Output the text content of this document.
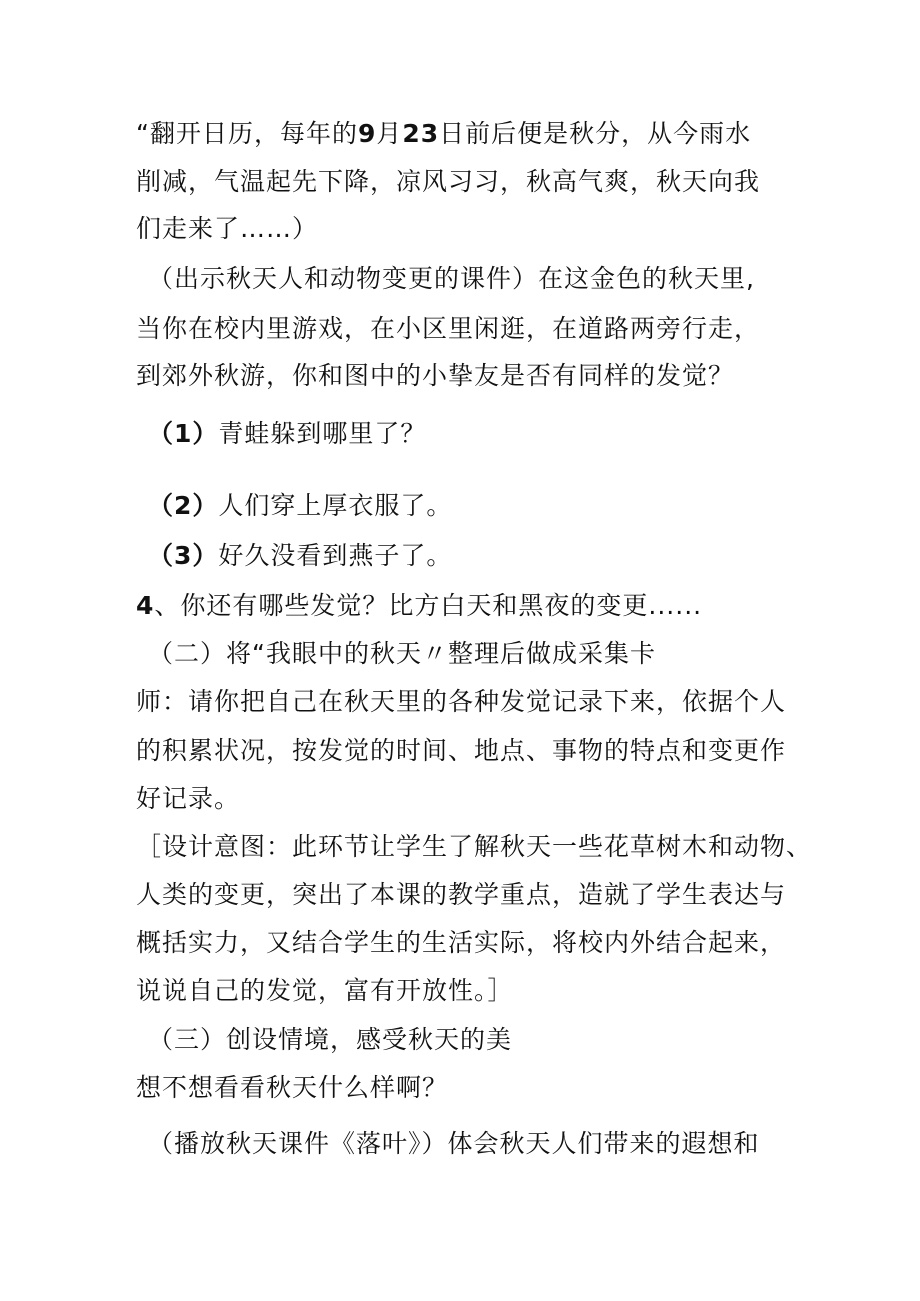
“翻开日历，每年的9月23日前后便是秋分，从今雨水
削减，气温起先下降，凉风习习，秋高气爽，秋天向我
们走来了……）
（出示秋天人和动物变更的课件）在这金色的秋天里,
当你在校内里游戏，在小区里闲逛，在道路两旁行走，
到郊外秋游，你和图中的小挚友是否有同样的发觉？
（1）青蛙躲到哪里了？
（2）人们穿上厚衣服了。
（3）好久没看到燕子了。
4、你还有哪些发觉？比方白天和黑夜的变更......
（二）将“我眼中的秋天〃整理后做成采集卡
师：请你把自己在秋天里的各种发觉记录下来，依据个人
的积累状况，按发觉的时间、地点、事物的特点和变更作
好记录。
［设计意图：此环节让学生了解秋天一些花草树木和动物、
人类的变更，突出了本课的教学重点，造就了学生表达与
概括实力，又结合学生的生活实际，将校内外结合起来，
说说自己的发觉，富有开放性。］
（三）创设情境，感受秋天的美
想不想看看秋天什么样啊？
（播放秋天课件《落叶》）体会秋天人们带来的遐想和
